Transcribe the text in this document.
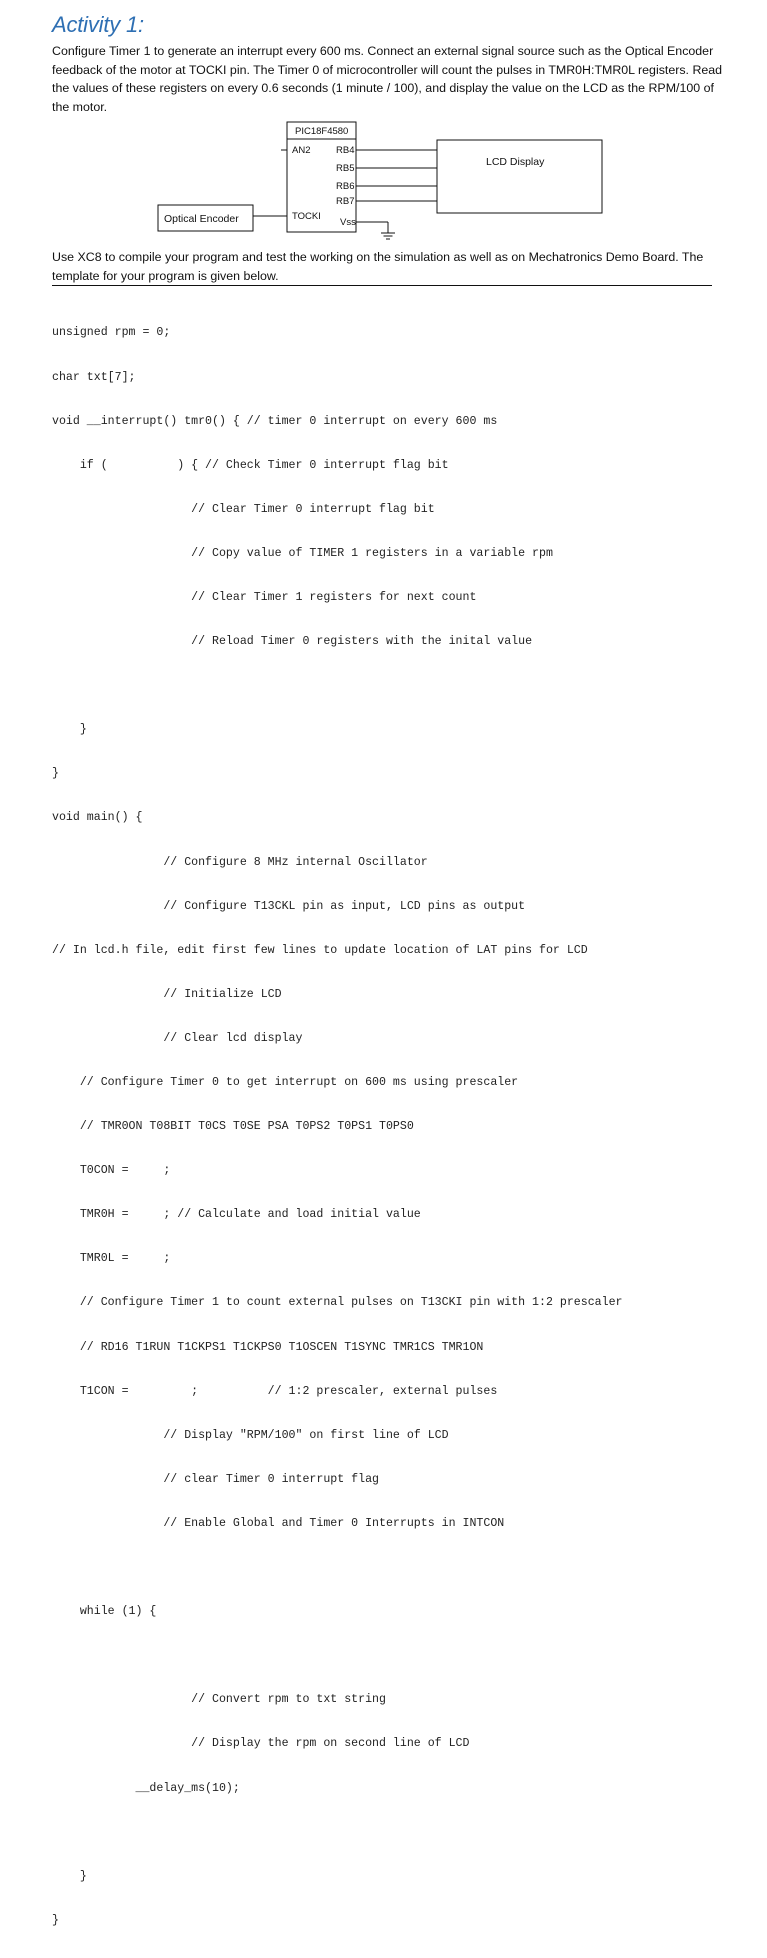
Activity 1:
Configure Timer 1 to generate an interrupt every 600 ms. Connect an external signal source such as the Optical Encoder feedback of the motor at TOCKI pin. The Timer 0 of microcontroller will count the pulses in TMR0H:TMR0L registers. Read the values of these registers on every 0.6 seconds (1 minute / 100), and display the value on the LCD as the RPM/100 of the motor.
PIC18F4580
AN2
TOCKI
RB4
RB5
RB6
RB7
Vss
LCD Display
Optical Encoder
Use XC8 to compile your program and test the working on the simulation as well as on Mechatronics Demo Board. The template for your program is given below.

unsigned rpm = 0;

char txt[7];

void __interrupt() tmr0() { // timer 0 interrupt on every 600 ms

if (          ) { // Check Timer 0 interrupt flag bit

// Clear Timer 0 interrupt flag bit

// Copy value of TIMER 1 registers in a variable rpm

// Clear Timer 1 registers for next count

// Reload Timer 0 registers with the inital value

}

}

void main() {

// Configure 8 MHz internal Oscillator

// Configure T13CKL pin as input, LCD pins as output

// In lcd.h file, edit first few lines to update location of LAT pins for LCD

// Initialize LCD

// Clear lcd display

// Configure Timer 0 to get interrupt on 600 ms using prescaler

// TMR0ON T08BIT T0CS T0SE PSA T0PS2 T0PS1 T0PS0

T0CON =     ;

TMR0H =     ; // Calculate and load initial value

TMR0L =     ;

// Configure Timer 1 to count external pulses on T13CKI pin with 1:2 prescaler

// RD16 T1RUN T1CKPS1 T1CKPS0 T1OSCEN T1SYNC TMR1CS TMR1ON

T1CON =         ;          // 1:2 prescaler, external pulses

// Display "RPM/100" on first line of LCD

// clear Timer 0 interrupt flag

// Enable Global and Timer 0 Interrupts in INTCON

while (1) {

// Convert rpm to txt string

// Display the rpm on second line of LCD

__delay_ms(10);

}

}
